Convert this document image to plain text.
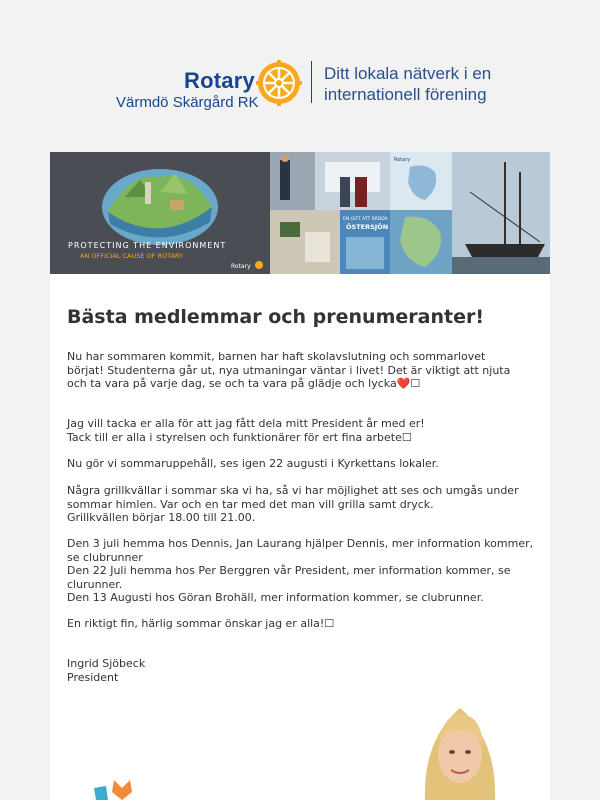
Rotary
Värmdö Skärgård RK
Ditt lokala nätverk i en
internationell förening
PROTECTING THE ENVIRONMENT
AN OFFICIAL CAUSE OF ROTARY
Rotary
Rotary
EN GIFT ATT RÄDDA
ÖSTERSJÖN
Bästa medlemmar och prenumeranter!

Nu har sommaren kommit, barnen har haft skolavslutning och sommarlovet

börjat! Studenterna går ut, nya utmaningar väntar i livet! Det är viktigt att njuta

och ta vara på varje dag, se och ta vara på glädje och lycka❤️☐

Jag vill tacka er alla för att jag fått dela mitt President år med er!

Tack till er alla i styrelsen och funktionärer för ert fina arbete☐

Nu gör vi sommaruppehåll, ses igen 22 augusti i Kyrkettans lokaler.

Några grillkvällar i sommar ska vi ha, så vi har möjlighet att ses och umgås under

sommar himlen. Var och en tar med det man vill grilla samt dryck.

Grillkvällen börjar 18.00 till 21.00.

Den 3 juli hemma hos Dennis, Jan Laurang hjälper Dennis, mer information kommer,

se clubrunner

Den 22 Juli hemma hos Per Berggren vår President, mer information kommer, se

clurunner.

Den 13 Augusti hos Göran Brohäll, mer information kommer, se clubrunner.

En riktigt fin, härlig sommar önskar jag er alla!☐

Ingrid Sjöbeck

President
